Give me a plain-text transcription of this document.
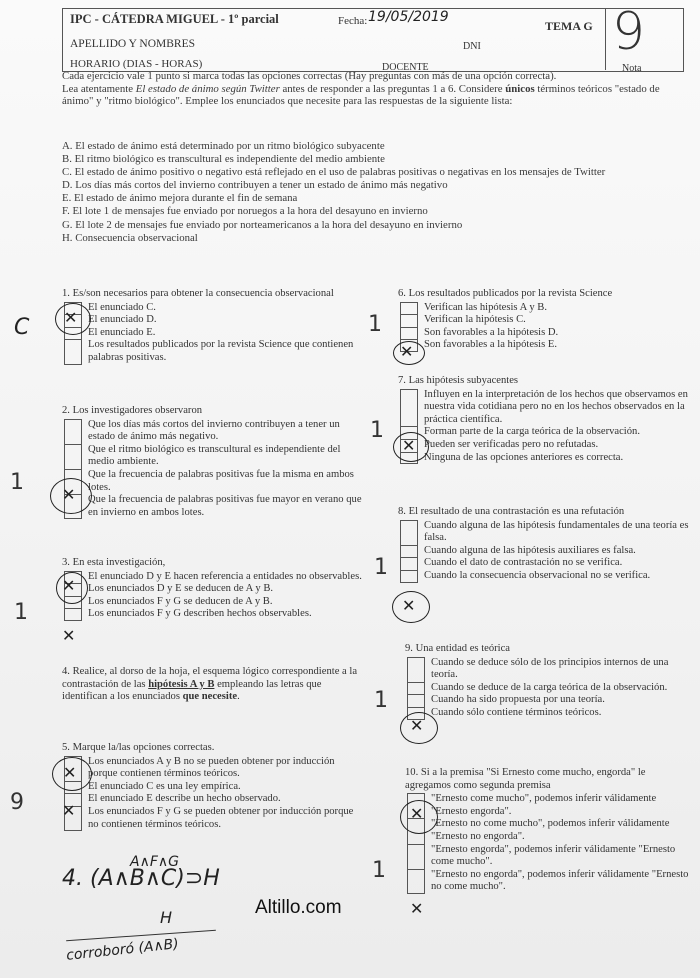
IPC - CÁTEDRA MIGUEL - 1º parcial	Fecha: 19/05/2019
TEMA G
APELLIDO Y NOMBRES	DNI
HORARIO (DIAS - HORAS)	DOCENTE	Nota
9
Cada ejercicio vale 1 punto si marca todas las opciones correctas (Hay preguntas con más de una opción correcta).
Lea atentamente El estado de ánimo según Twitter antes de responder a las preguntas 1 a 6. Considere únicos términos teóricos "estado de ánimo" y "ritmo biológico". Emplee los enunciados que necesite para las respuestas de la siguiente lista:
A. El estado de ánimo está determinado por un ritmo biológico subyacente
B. El ritmo biológico es transcultural es independiente del medio ambiente
C. El estado de ánimo positivo o negativo está reflejado en el uso de palabras positivas o negativas en los mensajes de Twitter
D. Los días más cortos del invierno contribuyen a tener un estado de ánimo más negativo
E. El estado de ánimo mejora durante el fin de semana
F. El lote 1 de mensajes fue enviado por noruegos a la hora del desayuno en invierno
G. El lote 2 de mensajes fue enviado por norteamericanos a la hora del desayuno en invierno
H. Consecuencia observacional
1. Es/son necesarios para obtener la consecuencia observacional
El enunciado C.
El enunciado D.
El enunciado E.
Los resultados publicados por la revista Science que contienen palabras positivas.
2. Los investigadores observaron
Que los días más cortos del invierno contribuyen a tener un estado de ánimo más negativo.
Que el ritmo biológico es transcultural es independiente del medio ambiente.
Que la frecuencia de palabras positivas fue la misma en ambos lotes.
Que la frecuencia de palabras positivas fue mayor en verano que en invierno en ambos lotes.
3. En esta investigación,
El enunciado D y E hacen referencia a entidades no observables.
Los enunciados D y E se deducen de A y B.
Los enunciados F y G se deducen de A y B.
Los enunciados F y G describen hechos observables.
4. Realice, al dorso de la hoja, el esquema lógico correspondiente a la contrastación de las hipótesis A y B empleando las letras que identifican a los enunciados que necesite.
5. Marque la/las opciones correctas.
Los enunciados A y B no se pueden obtener por inducción porque contienen términos teóricos.
El enunciado C es una ley empírica.
El enunciado E describe un hecho observado.
Los enunciados F y G se pueden obtener por inducción porque no contienen términos teóricos.
6. Los resultados publicados por la revista Science
Verifican las hipótesis A y B.
Verifican la hipótesis C.
Son favorables a la hipótesis D.
Son favorables a la hipótesis E.
7. Las hipótesis subyacentes
Influyen en la interpretación de los hechos que observamos en nuestra vida cotidiana pero no en los hechos observados en la práctica científica.
Forman parte de la carga teórica de la observación.
Pueden ser verificadas pero no refutadas.
Ninguna de las opciones anteriores es correcta.
8. El resultado de una contrastación es una refutación
Cuando alguna de las hipótesis fundamentales de una teoría es falsa.
Cuando alguna de las hipótesis auxiliares es falsa.
Cuando el dato de contrastación no se verifica.
Cuando la consecuencia observacional no se verifica.
9. Una entidad es teórica
Cuando se deduce sólo de los principios internos de una teoría.
Cuando se deduce de la carga teórica de la observación.
Cuando ha sido propuesta por una teoría.
Cuando sólo contiene términos teóricos.
10. Si a la premisa "Si Ernesto come mucho, engorda" le agregamos como segunda premisa
"Ernesto come mucho", podemos inferir válidamente "Ernesto engorda".
"Ernesto no come mucho", podemos inferir válidamente "Ernesto no engorda".
"Ernesto engorda", podemos inferir válidamente "Ernesto come mucho".
"Ernesto no engorda", podemos inferir válidamente "Ernesto no come mucho".
✕
C
✕
1
✕
✕
1
1
✕
✕
9
✕
1
✕
1
✕
✕
1
✕
✕
1
A∧F∧G
4. (A∧B∧C)⊃H
H
corroboró (A∧B)
Altillo.com
